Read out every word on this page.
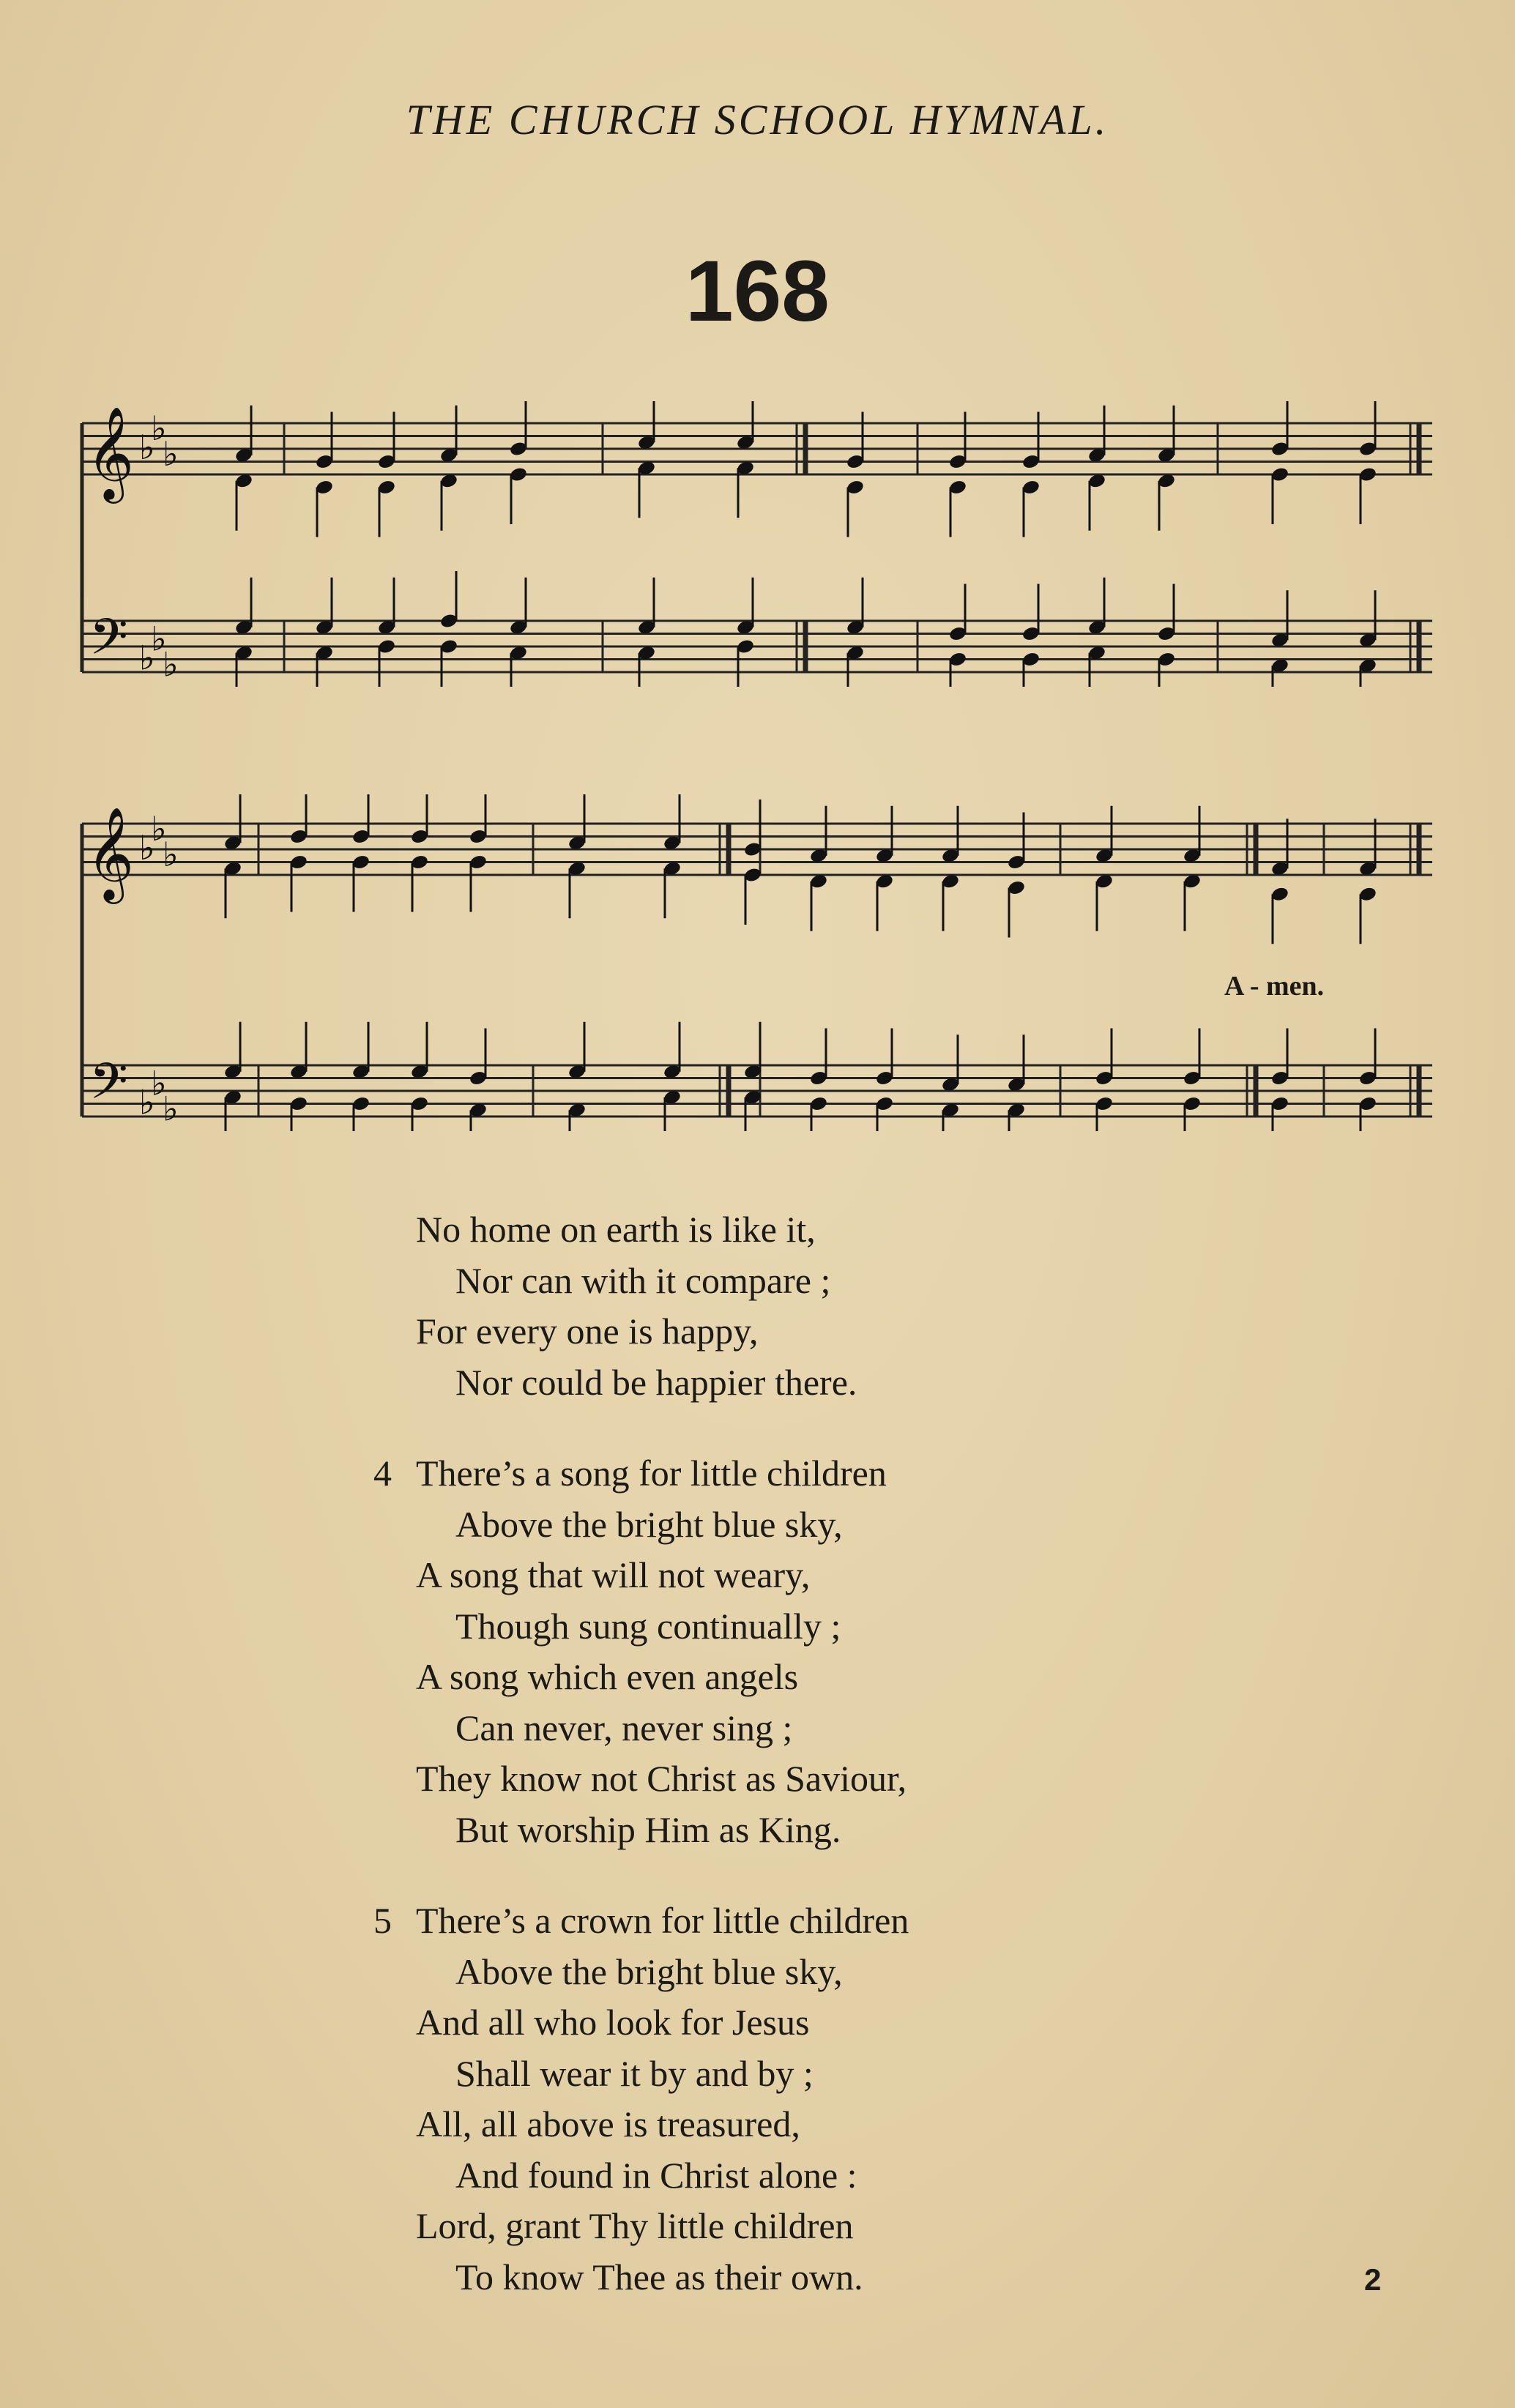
THE CHURCH SCHOOL HYMNAL.
168
𝄞
𝄢
♭
♭
♭
♭
♭
♭
𝄞
𝄢
♭
♭
♭
♭
♭
♭
A - men.
No home on earth is like it,
Nor can with it compare ;
For every one is happy,
Nor could be happier there.
4 There’s a song for little children
Above the bright blue sky,
A song that will not weary,
Though sung continually ;
A song which even angels
Can never, never sing ;
They know not Christ as Saviour,
But worship Him as King.
5 There’s a crown for little children
Above the bright blue sky,
And all who look for Jesus
Shall wear it by and by ;
All, all above is treasured,
And found in Christ alone :
Lord, grant Thy little children
To know Thee as their own.	2
